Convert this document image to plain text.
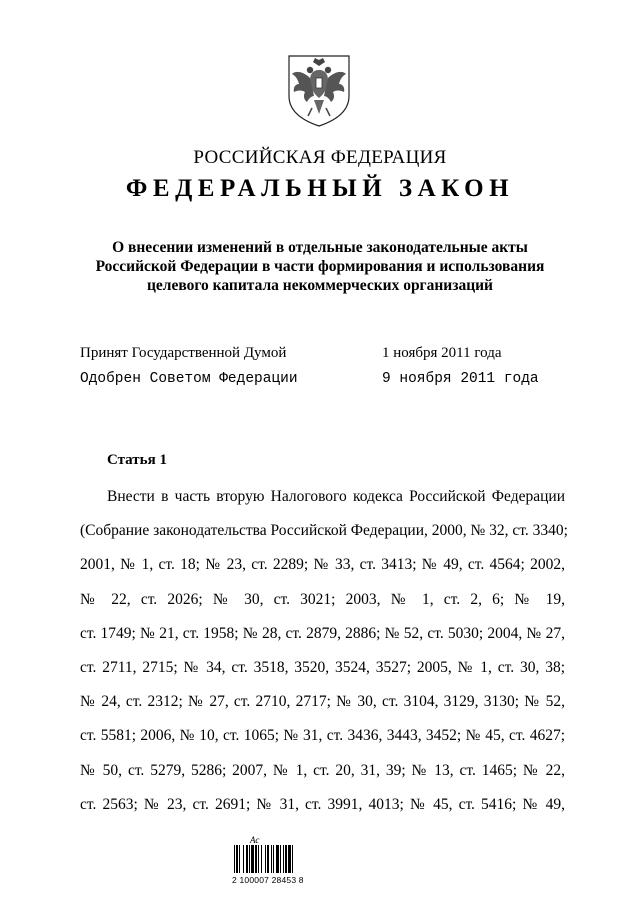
РОССИЙСКАЯ ФЕДЕРАЦИЯ
ФЕДЕРАЛЬНЫЙ ЗАКОН
О внесении изменений в отдельные законодательные акты
Российской Федерации в части формирования и использования
целевого капитала некоммерческих организаций
Принят Государственной Думой	1 ноября 2011 года
Одобрен Советом Федерации	9 ноября 2011 года
Статья 1
Внести в часть вторую Налогового кодекса Российской Федерации
(Собрание законодательства Российской Федерации, 2000, № 32, ст. 3340;
2001, № 1, ст. 18; № 23, ст. 2289; № 33, ст. 3413; № 49, ст. 4564; 2002,
№ 22, ст. 2026; № 30, ст. 3021; 2003, № 1, ст. 2, 6; № 19,
ст. 1749; № 21, ст. 1958; № 28, ст. 2879, 2886; № 52, ст. 5030; 2004, № 27,
ст. 2711, 2715; № 34, ст. 3518, 3520, 3524, 3527; 2005, № 1, ст. 30, 38;
№ 24, ст. 2312; № 27, ст. 2710, 2717; № 30, ст. 3104, 3129, 3130; № 52,
ст. 5581; 2006, № 10, ст. 1065; № 31, ст. 3436, 3443, 3452; № 45, ст. 4627;
№ 50, ст. 5279, 5286; 2007, № 1, ст. 20, 31, 39; № 13, ст. 1465; № 22,
ст. 2563; № 23, ст. 2691; № 31, ст. 3991, 4013; № 45, ст. 5416; № 49,
Ас
2 100007 28453 8
